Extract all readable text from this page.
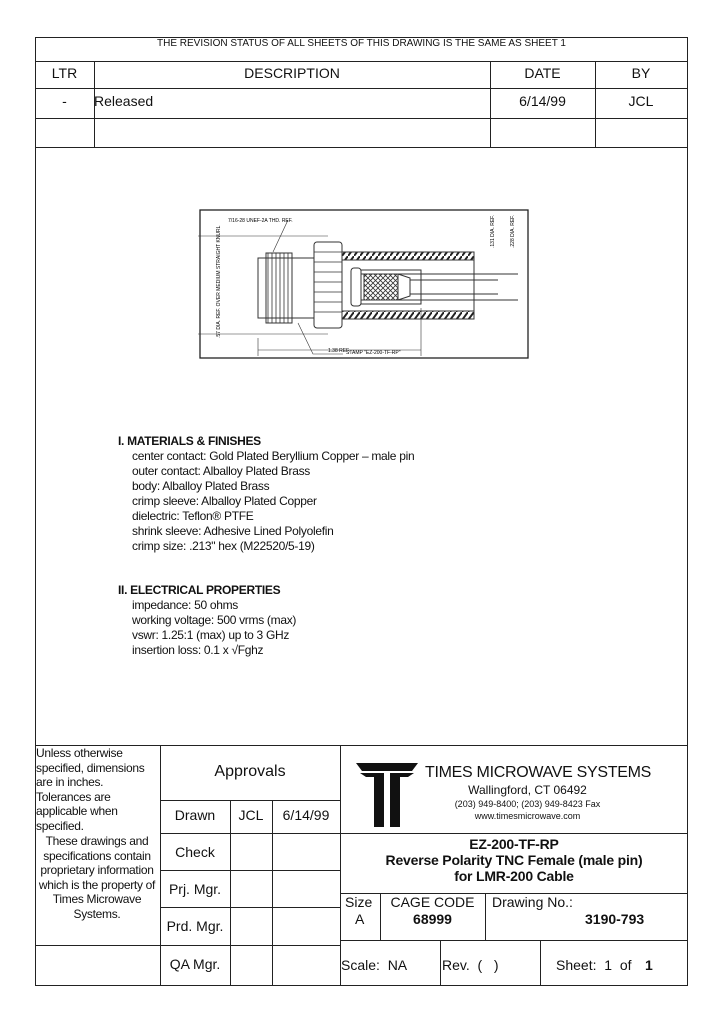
THE REVISION STATUS OF ALL SHEETS OF THIS DRAWING IS THE SAME AS SHEET 1
LTR	DESCRIPTION	DATE	BY
-	Released	6/14/99	JCL
7/16-28 UNEF-2A THD. REF.
STAMP "EZ-200-TF-RP"
1.38 REF.
.57 DIA. REF. OVER MEDIUM STRAIGHT KNURL	.131 DIA. REF.	.228 DIA. REF.
I. MATERIALS & FINISHES
center contact: Gold Plated Beryllium Copper – male pin
outer contact: Alballoy Plated Brass
body: Alballoy Plated Brass
crimp sleeve: Alballoy Plated Copper
dielectric: Teflon® PTFE
shrink sleeve: Adhesive Lined Polyolefin
crimp size: .213" hex (M22520/5-19)
II. ELECTRICAL PROPERTIES
impedance: 50 ohms
working voltage: 500 vrms (max)
vswr: 1.25:1 (max) up to 3 GHz
insertion loss: 0.1 x √Fghz
Unless otherwise specified, dimensions are in inches. Tolerances are applicable when specified.
These drawings and specifications contain proprietary information which is the property of Times Microwave Systems.
Approvals
Drawn	JCL	6/14/99
Check
Prj. Mgr.
Prd. Mgr.
QA Mgr.
TIMES MICROWAVE SYSTEMS
Wallingford, CT 06492
(203) 949-8400; (203) 949-8423 Fax
www.timesmicrowave.com
EZ-200-TF-RP
Reverse Polarity TNC Female (male pin)
for LMR-200 Cable
Size
A
CAGE CODE
68999
Drawing No.:
3190-793
Scale:  NA Rev.  (   )	Sheet:  1  of 1
